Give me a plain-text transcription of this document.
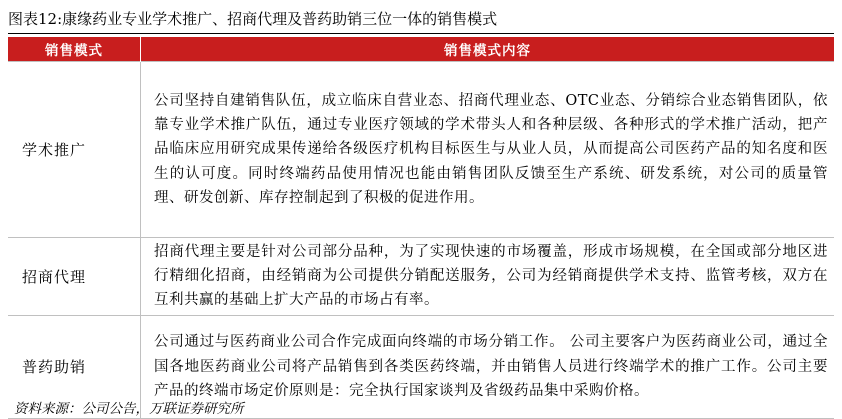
图表12:康缘药业专业学术推广、招商代理及普药助销三位一体的销售模式
销售模式	销售模式内容
学术推广	公司坚持自建销售队伍，成立临床自营业态、招商代理业态、OTC业态、分销综合业态销售团队，依靠专业学术推广队伍，通过专业医疗领域的学术带头人和各种层级、各种形式的学术推广活动，把产品临床应用研究成果传递给各级医疗机构目标医生与从业人员，从而提高公司医药产品的知名度和医生的认可度。同时终端药品使用情况也能由销售团队反馈至生产系统、研发系统，对公司的质量管理、研发创新、库存控制起到了积极的促进作用。
招商代理	招商代理主要是针对公司部分品种，为了实现快速的市场覆盖，形成市场规模，在全国或部分地区进行精细化招商，由经销商为公司提供分销配送服务，公司为经销商提供学术支持、监管考核，双方在互利共赢的基础上扩大产品的市场占有率。
普药助销	公司通过与医药商业公司合作完成面向终端的市场分销工作。 公司主要客户为医药商业公司，通过全国各地医药商业公司将产品销售到各类医药终端，并由销售人员进行终端学术的推广工作。公司主要产品的终端市场定价原则是：完全执行国家谈判及省级药品集中采购价格。
资料来源：公司公告，万联证券研究所
